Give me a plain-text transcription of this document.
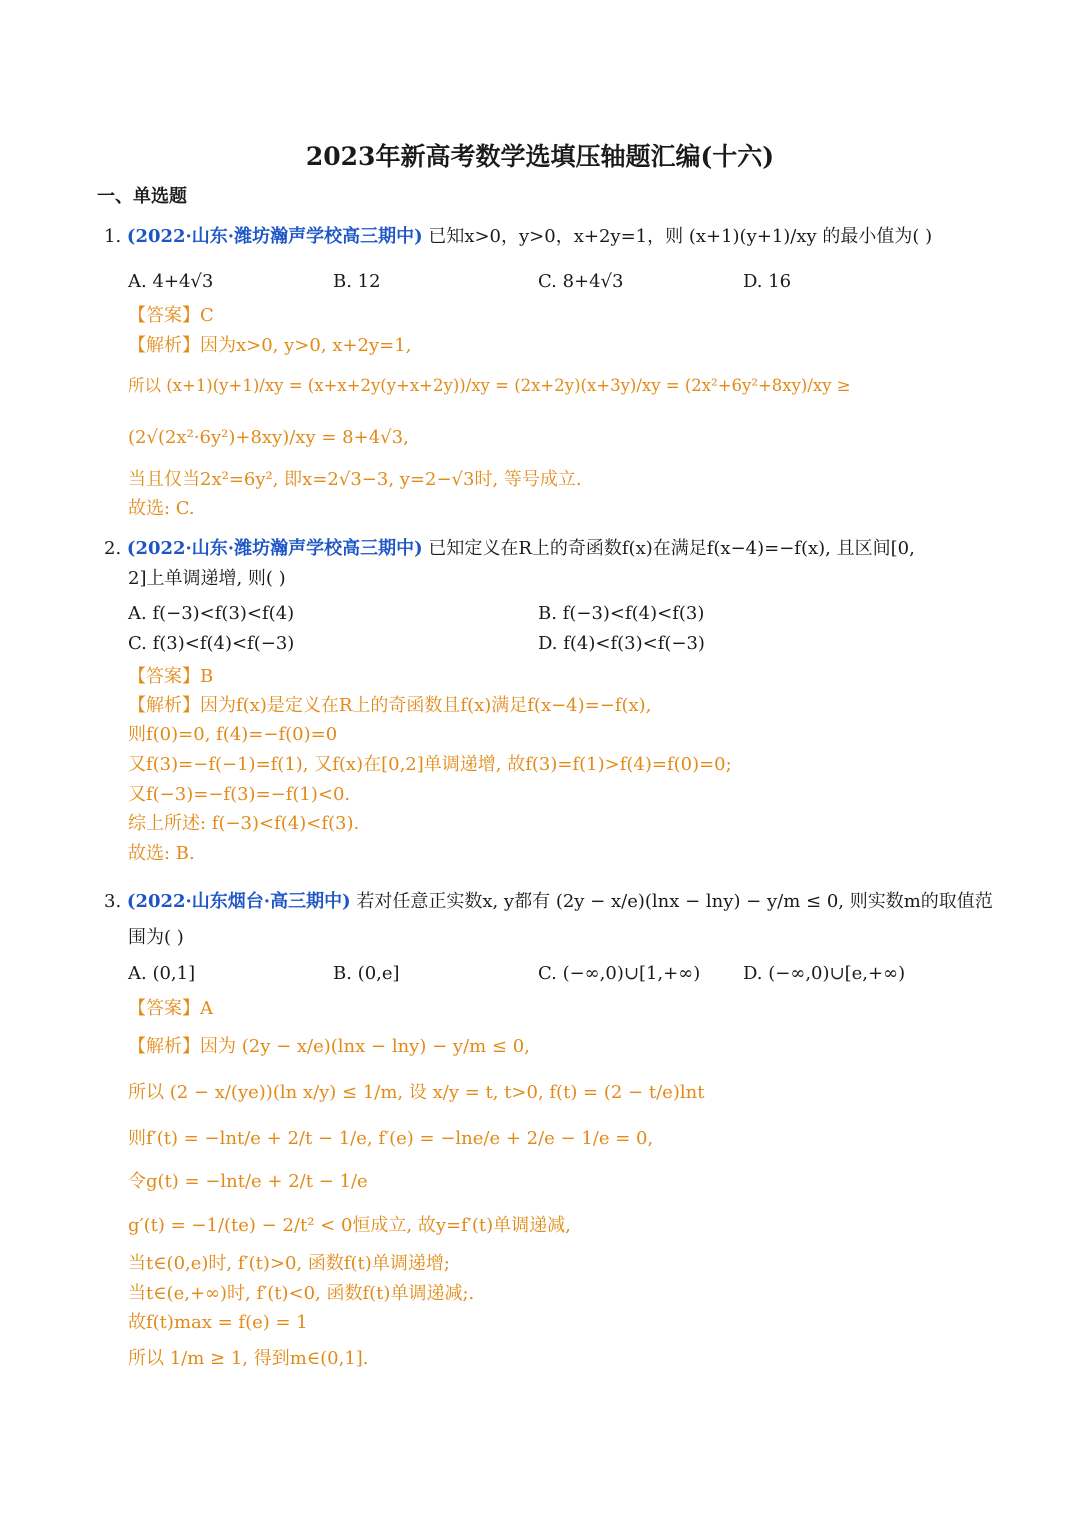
2023年新高考数学选填压轴题汇编(十六)
一、单选题
1. (2022·山东·潍坊瀚声学校高三期中) 已知x>0，y>0，x+2y=1，则 (x+1)(y+1)/xy 的最小值为( )
A. 4+4√3	B. 12	C. 8+4√3	D. 16
【答案】C
【解析】因为x>0, y>0, x+2y=1,
所以 (x+1)(y+1)/xy = (x+x+2y(y+x+2y))/xy = (2x+2y)(x+3y)/xy = (2x²+6y²+8xy)/xy ≥
(2√(2x²·6y²)+8xy)/xy = 8+4√3,
当且仅当2x²=6y², 即x=2√3−3, y=2−√3时, 等号成立.
故选: C.
2. (2022·山东·潍坊瀚声学校高三期中) 已知定义在R上的奇函数f(x)在满足f(x−4)=−f(x), 且区间[0,
2]上单调递增, 则( )
A. f(−3)<f(3)<f(4)	B. f(−3)<f(4)<f(3)
C. f(3)<f(4)<f(−3)	D. f(4)<f(3)<f(−3)
【答案】B
【解析】因为f(x)是定义在R上的奇函数且f(x)满足f(x−4)=−f(x),
则f(0)=0, f(4)=−f(0)=0
又f(3)=−f(−1)=f(1), 又f(x)在[0,2]单调递增, 故f(3)=f(1)>f(4)=f(0)=0;
又f(−3)=−f(3)=−f(1)<0.
综上所述: f(−3)<f(4)<f(3).
故选: B.
3. (2022·山东烟台·高三期中) 若对任意正实数x, y都有 (2y − x/e)(lnx − lny) − y/m ≤ 0, 则实数m的取值范
围为( )
A. (0,1]	B. (0,e]	C. (−∞,0)∪[1,+∞) D. (−∞,0)∪[e,+∞)
【答案】A
【解析】因为 (2y − x/e)(lnx − lny) − y/m ≤ 0,
所以 (2 − x/(ye))(ln x/y) ≤ 1/m, 设 x/y = t, t>0, f(t) = (2 − t/e)lnt
则f′(t) = −lnt/e + 2/t − 1/e, f′(e) = −lne/e + 2/e − 1/e = 0,
令g(t) = −lnt/e + 2/t − 1/e
g′(t) = −1/(te) − 2/t² < 0恒成立, 故y=f′(t)单调递减,
当t∈(0,e)时, f′(t)>0, 函数f(t)单调递增;
当t∈(e,+∞)时, f′(t)<0, 函数f(t)单调递减;.
故f(t)max = f(e) = 1
所以 1/m ≥ 1, 得到m∈(0,1].
